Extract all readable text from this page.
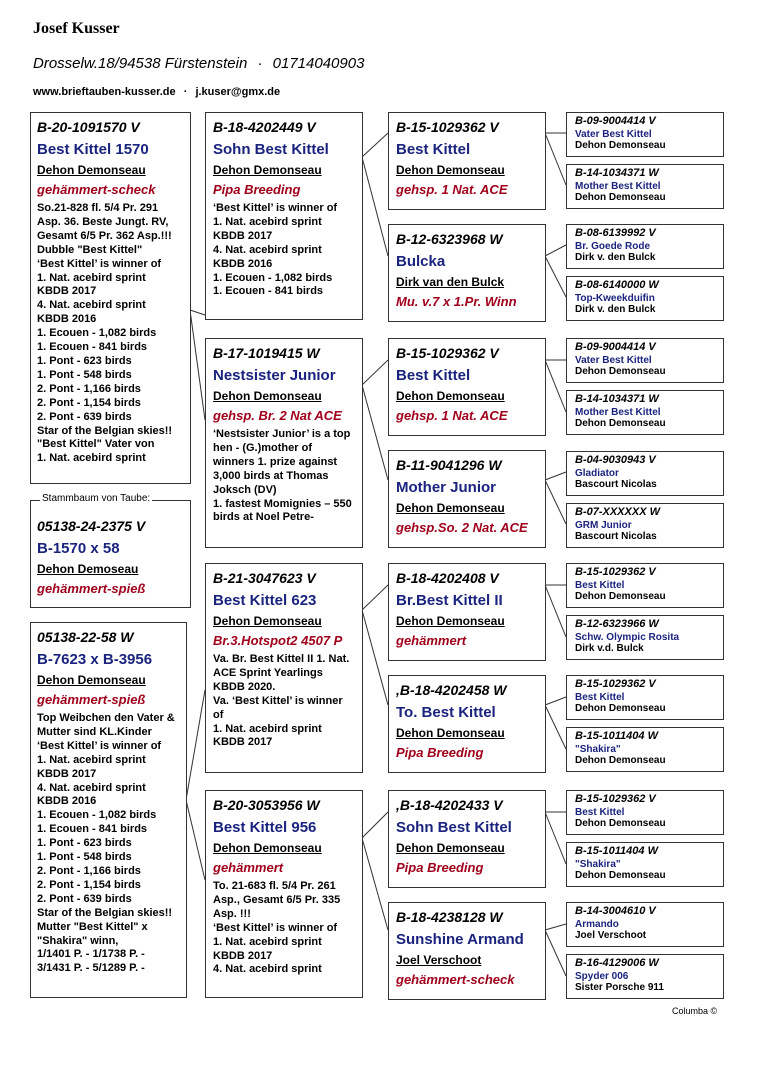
Josef Kusser
Drosselw.18/94538 Fürstenstein · 01714040903
www.brieftauben-kusser.de · j.kuser@gmx.de
B-20-1091570 V
Best Kittel 1570
Dehon Demonseau
gehämmert-scheck
So.21-828 fl. 5/4 Pr. 291
Asp. 36. Beste Jungt. RV,
Gesamt 6/5 Pr. 362 Asp.!!!
Dubble "Best Kittel"
‘Best Kittel’ is winner of
1. Nat. acebird sprint
KBDB 2017
4. Nat. acebird sprint
KBDB 2016
1. Ecouen - 1,082 birds
1. Ecouen - 841 birds
1. Pont - 623 birds
1. Pont - 548 birds
2. Pont - 1,166 birds
2. Pont - 1,154 birds
2. Pont - 639 birds
Star of the Belgian skies!!
"Best Kittel" Vater von
1. Nat. acebird sprint
05138-24-2375 V
B-1570 x 58
Dehon Demoseau
gehämmert-spieß
Stammbaum von Taube:
05138-22-58 W
B-7623 x B-3956
Dehon Demonseau
gehämmert-spieß
Top Weibchen den Vater &
Mutter sind KL.Kinder
‘Best Kittel’ is winner of
1. Nat. acebird sprint
KBDB 2017
4. Nat. acebird sprint
KBDB 2016
1. Ecouen - 1,082 birds
1. Ecouen - 841 birds
1. Pont - 623 birds
1. Pont - 548 birds
2. Pont - 1,166 birds
2. Pont - 1,154 birds
2. Pont - 639 birds
Star of the Belgian skies!!
Mutter "Best Kittel" x
"Shakira" winn,
1/1401 P. - 1/1738 P. -
3/1431 P. - 5/1289 P. -
B-18-4202449 V
Sohn Best Kittel
Dehon Demonseau
Pipa Breeding
‘Best Kittel’ is winner of
1. Nat. acebird sprint
KBDB 2017
4. Nat. acebird sprint
KBDB 2016
1. Ecouen - 1,082 birds
1. Ecouen - 841 birds
B-17-1019415 W
Nestsister Junior
Dehon Demonseau
gehsp. Br. 2 Nat ACE
‘Nestsister Junior’ is a top
hen - (G.)mother of
winners 1. prize against
3,000 birds at Thomas
Joksch (DV)
1. fastest Momignies – 550
birds at Noel Petre-
B-21-3047623 V
Best Kittel 623
Dehon Demonseau
Br.3.Hotspot2 4507 P
Va. Br. Best Kittel II 1. Nat.
ACE Sprint Yearlings
KBDB 2020.
Va. ‘Best Kittel’ is winner
of
1. Nat. acebird sprint
KBDB 2017
B-20-3053956 W
Best Kittel 956
Dehon Demonseau
gehämmert
To. 21-683 fl. 5/4 Pr. 261
Asp., Gesamt 6/5 Pr. 335
Asp. !!!
‘Best Kittel’ is winner of
1. Nat. acebird sprint
KBDB 2017
4. Nat. acebird sprint
B-15-1029362 V
Best Kittel
Dehon Demonseau
gehsp. 1 Nat. ACE
B-12-6323968 W
Bulcka
Dirk van den Bulck
Mu. v.7 x 1.Pr. Winn
B-15-1029362 V
Best Kittel
Dehon Demonseau
gehsp. 1 Nat. ACE
B-11-9041296 W
Mother Junior
Dehon Demonseau
gehsp.So. 2 Nat. ACE
B-18-4202408 V
Br.Best Kittel II
Dehon Demonseau
gehämmert
,B-18-4202458 W
To. Best Kittel
Dehon Demonseau
Pipa Breeding
,B-18-4202433 V
Sohn Best Kittel
Dehon Demonseau
Pipa Breeding
B-18-4238128 W
Sunshine Armand
Joel Verschoot
gehämmert-scheck
B-09-9004414 V
Vater Best Kittel
Dehon Demonseau
B-14-1034371 W
Mother Best Kittel
Dehon Demonseau
B-08-6139992 V
Br. Goede Rode
Dirk v. den Bulck
B-08-6140000 W
Top-Kweekduifin
Dirk v. den Bulck
B-09-9004414 V
Vater Best Kittel
Dehon Demonseau
B-14-1034371 W
Mother Best Kittel
Dehon Demonseau
B-04-9030943 V
Gladiator
Bascourt Nicolas
B-07-XXXXXX W
GRM Junior
Bascourt Nicolas
B-15-1029362 V
Best Kittel
Dehon Demonseau
B-12-6323966 W
Schw. Olympic Rosita
Dirk v.d. Bulck
B-15-1029362 V
Best Kittel
Dehon Demonseau
B-15-1011404 W
"Shakira"
Dehon Demonseau
B-15-1029362 V
Best Kittel
Dehon Demonseau
B-15-1011404 W
"Shakira"
Dehon Demonseau
B-14-3004610 V
Armando
Joel Verschoot
B-16-4129006 W
Spyder 006
Sister Porsche 911
Columba ©
